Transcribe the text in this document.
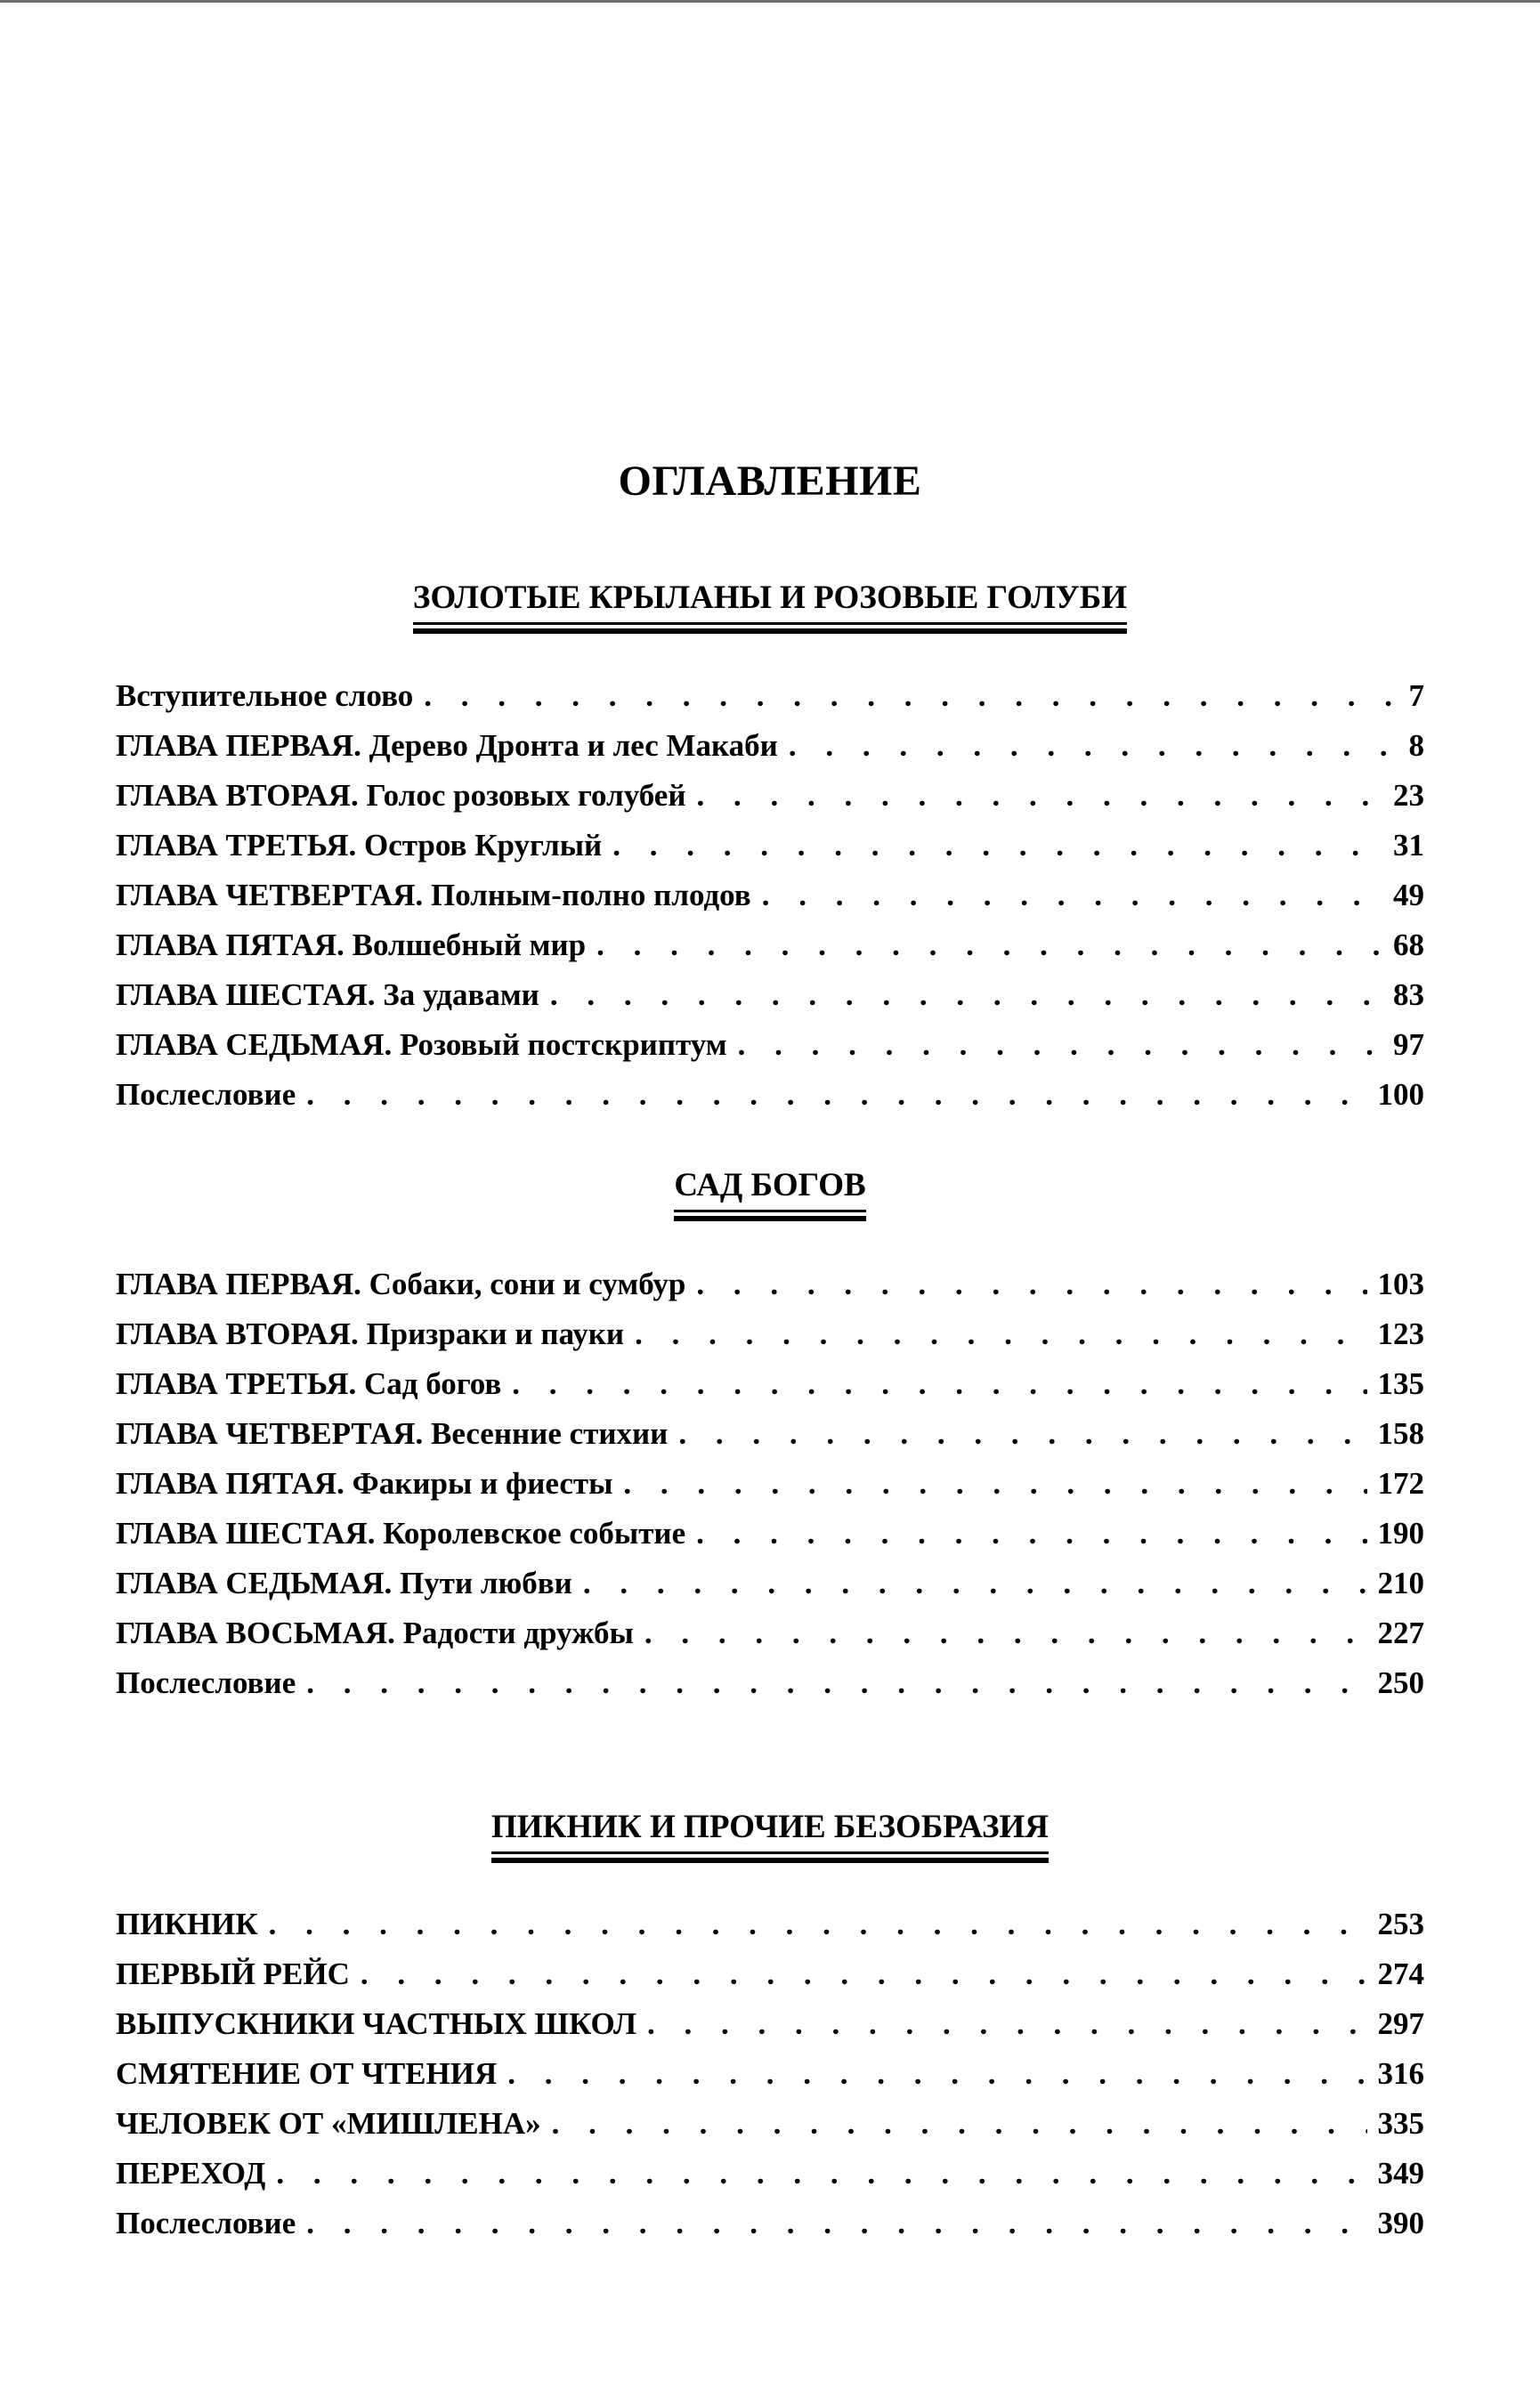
ОГЛАВЛЕНИЕ
ЗОЛОТЫЕ КРЫЛАНЫ И РОЗОВЫЕ ГОЛУБИ
Вступительное слово . . .	7
ГЛАВА ПЕРВАЯ. Дерево Дронта и лес Макаби . . .	8
ГЛАВА ВТОРАЯ. Голос розовых голубей . . .	23
ГЛАВА ТРЕТЬЯ. Остров Круглый . . .	31
ГЛАВА ЧЕТВЕРТАЯ. Полным-полно плодов . . .	49
ГЛАВА ПЯТАЯ. Волшебный мир . . .	68
ГЛАВА ШЕСТАЯ. За удавами . . .	83
ГЛАВА СЕДЬМАЯ. Розовый постскриптум . . .	97
Послесловие . . .	100
САД БОГОВ
ГЛАВА ПЕРВАЯ. Собаки, сони и сумбур . . .	103
ГЛАВА ВТОРАЯ. Призраки и пауки . . .	123
ГЛАВА ТРЕТЬЯ. Сад богов . . .	135
ГЛАВА ЧЕТВЕРТАЯ. Весенние стихии . . .	158
ГЛАВА ПЯТАЯ. Факиры и фиесты . . .	172
ГЛАВА ШЕСТАЯ. Королевское событие . . .	190
ГЛАВА СЕДЬМАЯ. Пути любви . . .	210
ГЛАВА ВОСЬМАЯ. Радости дружбы . . .	227
Послесловие . . .	250
ПИКНИК И ПРОЧИЕ БЕЗОБРАЗИЯ
ПИКНИК . . .	253
ПЕРВЫЙ РЕЙС . . .	274
ВЫПУСКНИКИ ЧАСТНЫХ ШКОЛ . . .	297
СМЯТЕНИЕ ОТ ЧТЕНИЯ . . .	316
ЧЕЛОВЕК ОТ «МИШЛЕНА» . . .	335
ПЕРЕХОД . . .	349
Послесловие . . .	390
